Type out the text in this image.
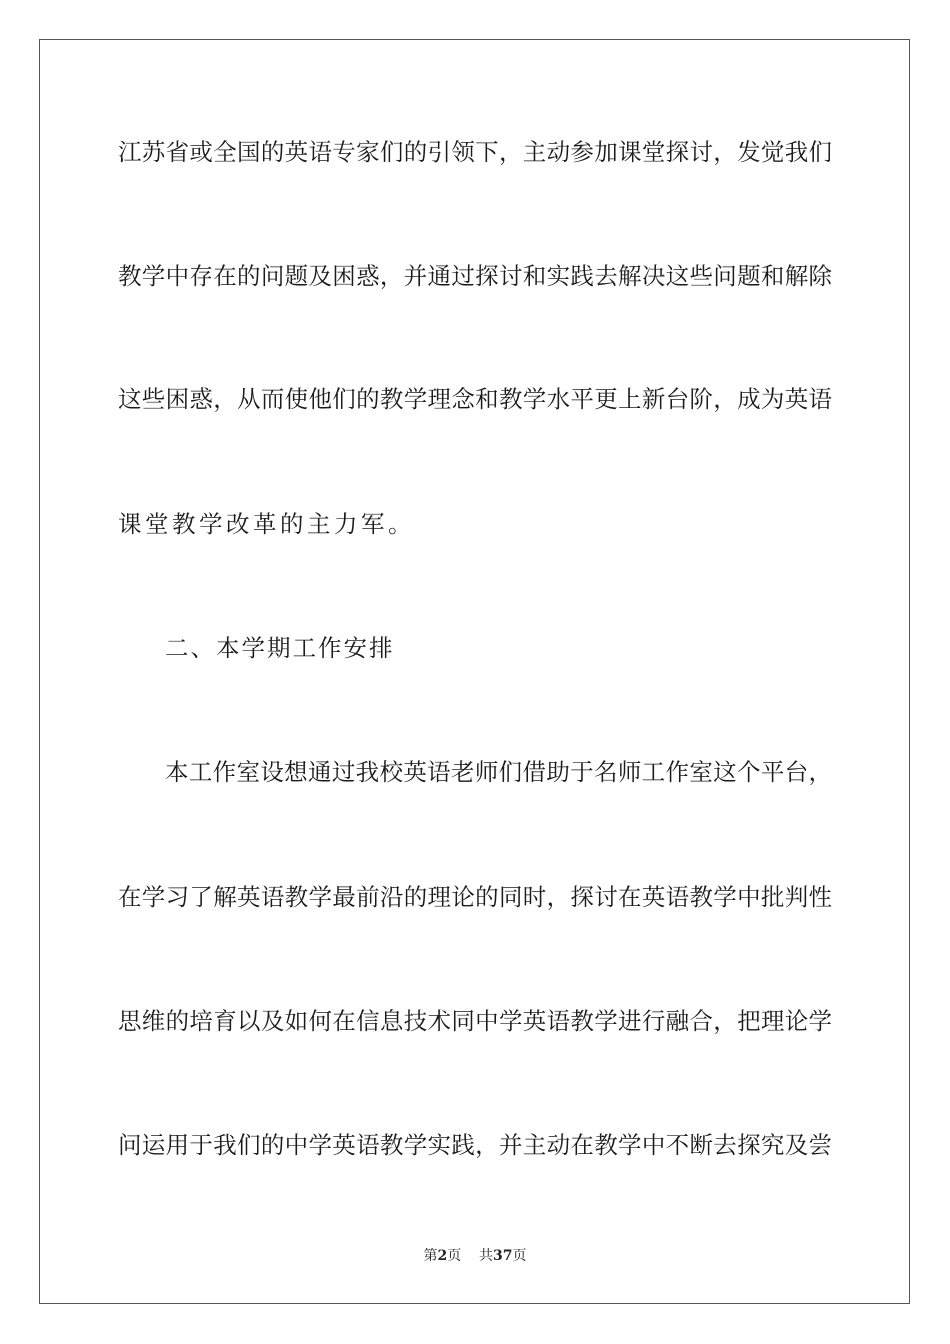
江苏省或全国的英语专家们的引领下，主动参加课堂探讨，发觉我们
教学中存在的问题及困惑，并通过探讨和实践去解决这些问题和解除
这些困惑，从而使他们的教学理念和教学水平更上新台阶，成为英语
课堂教学改革的主力军。
二、本学期工作安排
本工作室设想通过我校英语老师们借助于名师工作室这个平台，
在学习了解英语教学最前沿的理论的同时，探讨在英语教学中批判性
思维的培育以及如何在信息技术同中学英语教学进行融合，把理论学
问运用于我们的中学英语教学实践，并主动在教学中不断去探究及尝
第2页 共37页
